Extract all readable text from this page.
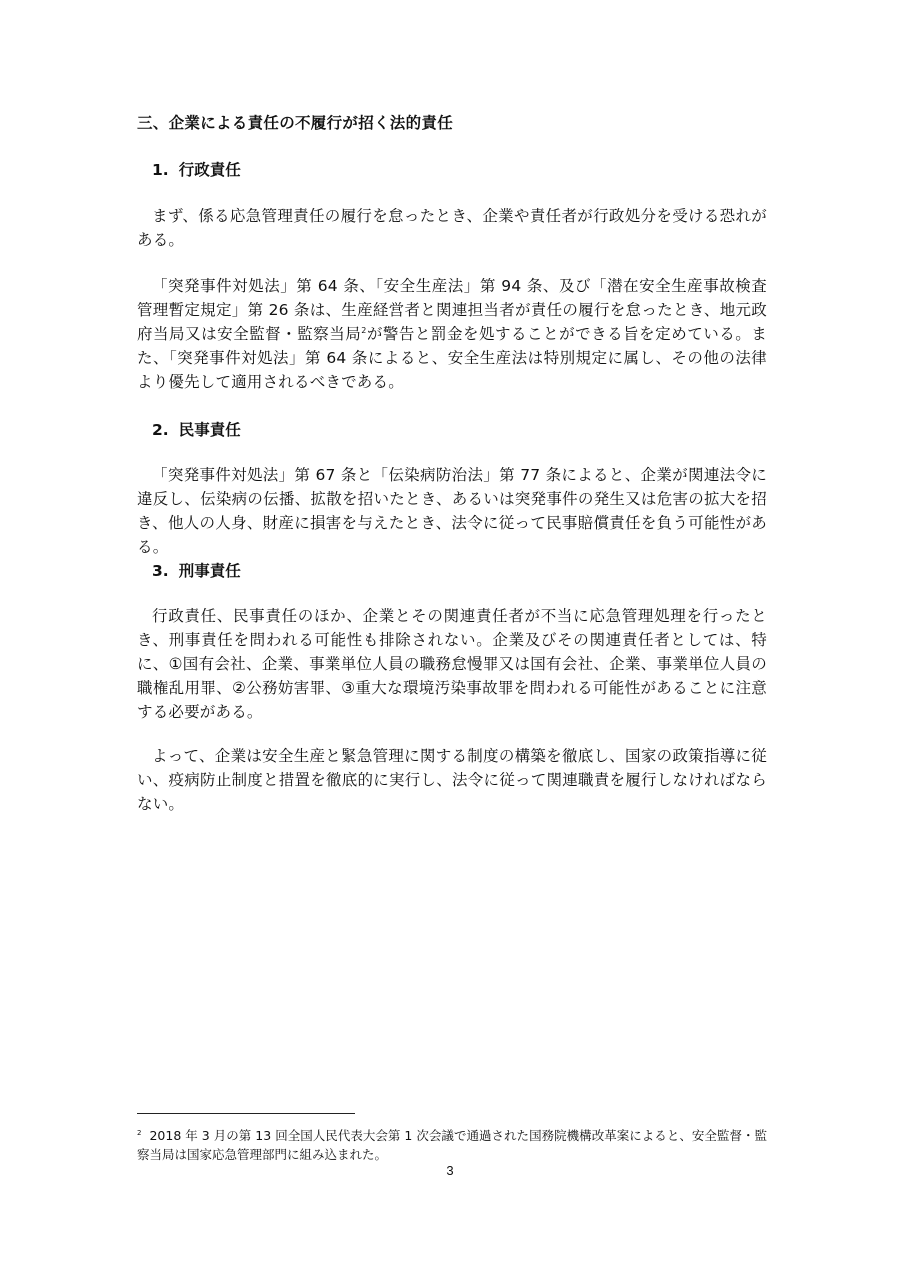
三、企業による責任の不履行が招く法的責任
1. 行政責任

まず、係る応急管理責任の履行を怠ったとき、企業や責任者が行政処分を受ける恐れがある。

「突発事件対処法」第 64 条、「安全生産法」第 94 条、及び「潜在安全生産事故検査管理暫定規定」第 26 条は、生産経営者と関連担当者が責任の履行を怠ったとき、地元政府当局又は安全監督・監察当局$^2$が警告と罰金を処することができる旨を定めている。また、「突発事件対処法」第 64 条によると、安全生産法は特別規定に属し、その他の法律より優先して適用されるべきである。

2. 民事責任

「突発事件対処法」第 67 条と「伝染病防治法」第 77 条によると、企業が関連法令に違反し、伝染病の伝播、拡散を招いたとき、あるいは突発事件の発生又は危害の拡大を招き、他人の人身、財産に損害を与えたとき、法令に従って民事賠償責任を負う可能性がある。

3. 刑事責任

行政責任、民事責任のほか、企業とその関連責任者が不当に応急管理処理を行ったとき、刑事責任を問われる可能性も排除されない。企業及びその関連責任者としては、特に、①国有会社、企業、事業単位人員の職務怠慢罪又は国有会社、企業、事業単位人員の職権乱用罪、②公務妨害罪、③重大な環境汚染事故罪を問われる可能性があることに注意する必要がある。

よって、企業は安全生産と緊急管理に関する制度の構築を徹底し、国家の政策指導に従い、疫病防止制度と措置を徹底的に実行し、法令に従って関連職責を履行しなければならない。

$^2$ 2018 年 3 月の第 13 回全国人民代表大会第 1 次会議で通過された国務院機構改革案によると、安全監督・監察当局は国家応急管理部門に組み込まれた。
3
